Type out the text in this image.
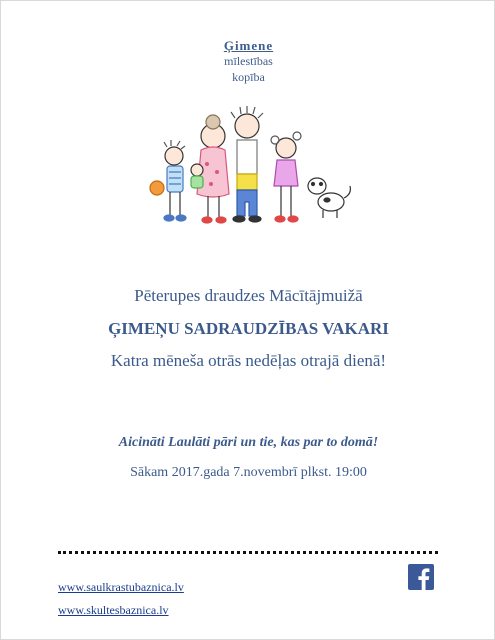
Ģimene
mīlestības
kopība
Pēterupes draudzes Mācītājmuižā
ĢIMEŅU SADRAUDZĪBAS VAKARI
Katra mēneša otrās nedēļas otrajā dienā!
Aicināti Laulāti pāri un tie, kas par to domā!
Sākam 2017.gada 7.novembrī plkst. 19:00
www.saulkrastubaznica.lv
www.skultesbaznica.lv
